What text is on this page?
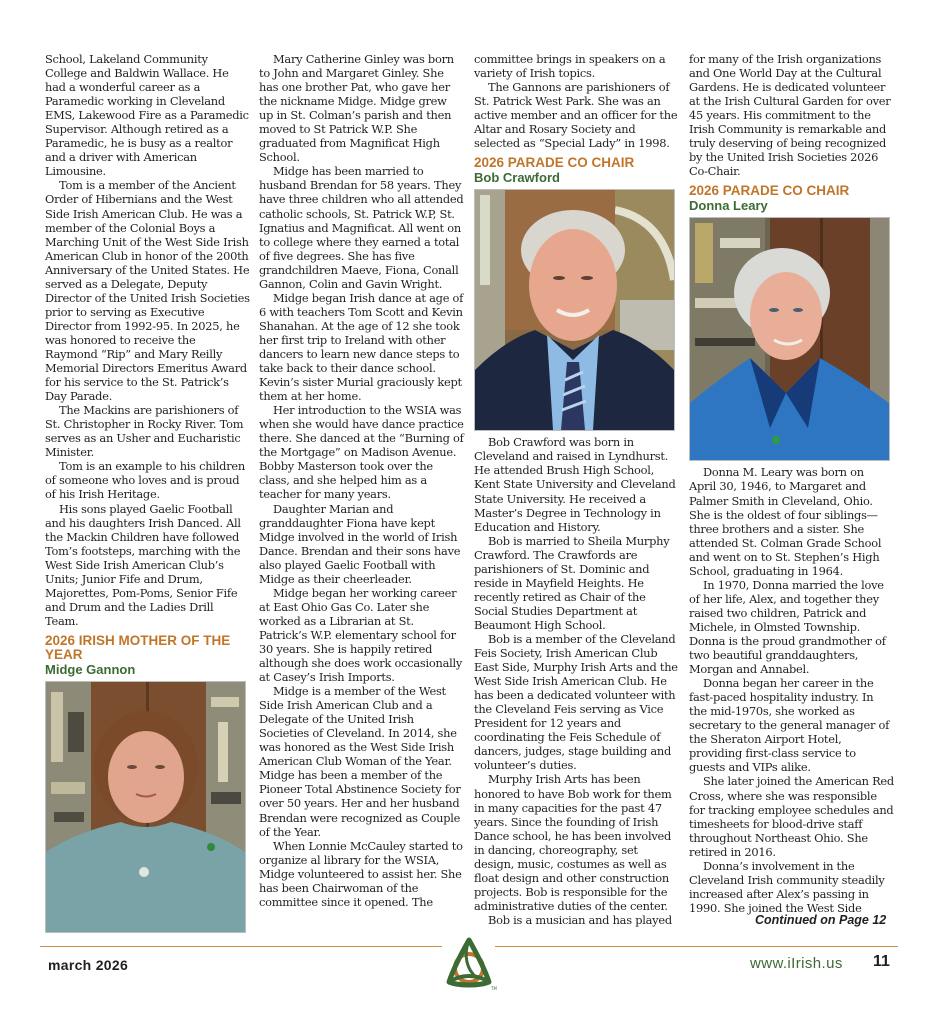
School, Lakeland Community College and Baldwin Wallace. He had a wonderful career as a Paramedic working in Cleveland EMS, Lakewood Fire as a Paramedic Supervisor. Although retired as a Paramedic, he is busy as a realtor and a driver with American Limousine.

Tom is a member of the Ancient Order of Hibernians and the West Side Irish American Club. He was a member of the Colonial Boys a Marching Unit of the West Side Irish American Club in honor of the 200th Anniversary of the United States. He served as a Delegate, Deputy Director of the United Irish Societies prior to serving as Executive Director from 1992-95. In 2025, he was honored to receive the Raymond “Rip” and Mary Reilly Memorial Directors Emeritus Award for his service to the St. Patrick’s Day Parade.

The Mackins are parishioners of St. Christopher in Rocky River. Tom serves as an Usher and Eucharistic Minister.

Tom is an example to his children of someone who loves and is proud of his Irish Heritage.

His sons played Gaelic Football and his daughters Irish Danced. All the Mackin Children have followed Tom’s footsteps, marching with the West Side Irish American Club’s Units; Junior Fife and Drum, Majorettes, Pom-Poms, Senior Fife and Drum and the Ladies Drill Team.

2026 IRISH MOTHER OF THE YEAR
Midge Gannon

Mary Catherine Ginley was born to John and Margaret Ginley. She has one brother Pat, who gave her the nickname Midge. Midge grew up in St. Colman’s parish and then moved to St Patrick W.P. She graduated from Magnificat High School.

Midge has been married to husband Brendan for 58 years. They have three children who all attended catholic schools, St. Patrick W.P, St. Ignatius and Magnificat. All went on to college where they earned a total of five degrees. She has five grandchildren Maeve, Fiona, Conall Gannon, Colin and Gavin Wright.

Midge began Irish dance at age of 6 with teachers Tom Scott and Kevin Shanahan. At the age of 12 she took her first trip to Ireland with other dancers to learn new dance steps to take back to their dance school. Kevin’s sister Murial graciously kept them at her home.

Her introduction to the WSIA was when she would have dance practice there. She danced at the “Burning of the Mortgage” on Madison Avenue. Bobby Masterson took over the class, and she helped him as a teacher for many years.

Daughter Marian and granddaughter Fiona have kept Midge involved in the world of Irish Dance. Brendan and their sons have also played Gaelic Football with Midge as their cheerleader.

Midge began her working career at East Ohio Gas Co. Later she worked as a Librarian at St. Patrick’s W.P. elementary school for 30 years. She is happily retired although she does work occasionally at Casey’s Irish Imports.

Midge is a member of the West Side Irish American Club and a Delegate of the United Irish Societies of Cleveland. In 2014, she was honored as the West Side Irish American Club Woman of the Year. Midge has been a member of the Pioneer Total Abstinence Society for over 50 years. Her and her husband Brendan were recognized as Couple of the Year.

When Lonnie McCauley started to organize al library for the WSIA, Midge volunteered to assist her. She has been Chairwoman of the committee since it opened. The

committee brings in speakers on a variety of Irish topics.

The Gannons are parishioners of St. Patrick West Park. She was an active member and an officer for the Altar and Rosary Society and selected as “Special Lady” in 1998.

2026 PARADE CO CHAIR
Bob Crawford

Bob Crawford was born in Cleveland and raised in Lyndhurst. He attended Brush High School, Kent State University and Cleveland State University. He received a Master’s Degree in Technology in Education and History.

Bob is married to Sheila Murphy Crawford. The Crawfords are parishioners of St. Dominic and reside in Mayfield Heights. He recently retired as Chair of the Social Studies Department at Beaumont High School.

Bob is a member of the Cleveland Feis Society, Irish American Club East Side, Murphy Irish Arts and the West Side Irish American Club. He has been a dedicated volunteer with the Cleveland Feis serving as Vice President for 12 years and coordinating the Feis Schedule of dancers, judges, stage building and volunteer’s duties.

Murphy Irish Arts has been honored to have Bob work for them in many capacities for the past 47 years. Since the founding of Irish Dance school, he has been involved in dancing, choreography, set design, music, costumes as well as float design and other construction projects. Bob is responsible for the administrative duties of the center.

Bob is a musician and has played

for many of the Irish organizations and One World Day at the Cultural Gardens. He is dedicated volunteer at the Irish Cultural Garden for over 45 years. His commitment to the Irish Community is remarkable and truly deserving of being recognized by the United Irish Societies 2026 Co-Chair.

2026 PARADE CO CHAIR
Donna Leary

Donna M. Leary was born on April 30, 1946, to Margaret and Palmer Smith in Cleveland, Ohio. She is the oldest of four siblings—three brothers and a sister. She attended St. Colman Grade School and went on to St. Stephen’s High School, graduating in 1964.

In 1970, Donna married the love of her life, Alex, and together they raised two children, Patrick and Michele, in Olmsted Township. Donna is the proud grandmother of two beautiful granddaughters, Morgan and Annabel.

Donna began her career in the fast-paced hospitality industry. In the mid-1970s, she worked as secretary to the general manager of the Sheraton Airport Hotel, providing first-class service to guests and VIPs alike.

She later joined the American Red Cross, where she was responsible for tracking employee schedules and timesheets for blood-drive staff throughout Northeast Ohio. She retired in 2016.

Donna’s involvement in the Cleveland Irish community steadily increased after Alex’s passing in 1990. She joined the West Side

Continued on Page 12
march 2026
TM
www.iIrish.us 11
